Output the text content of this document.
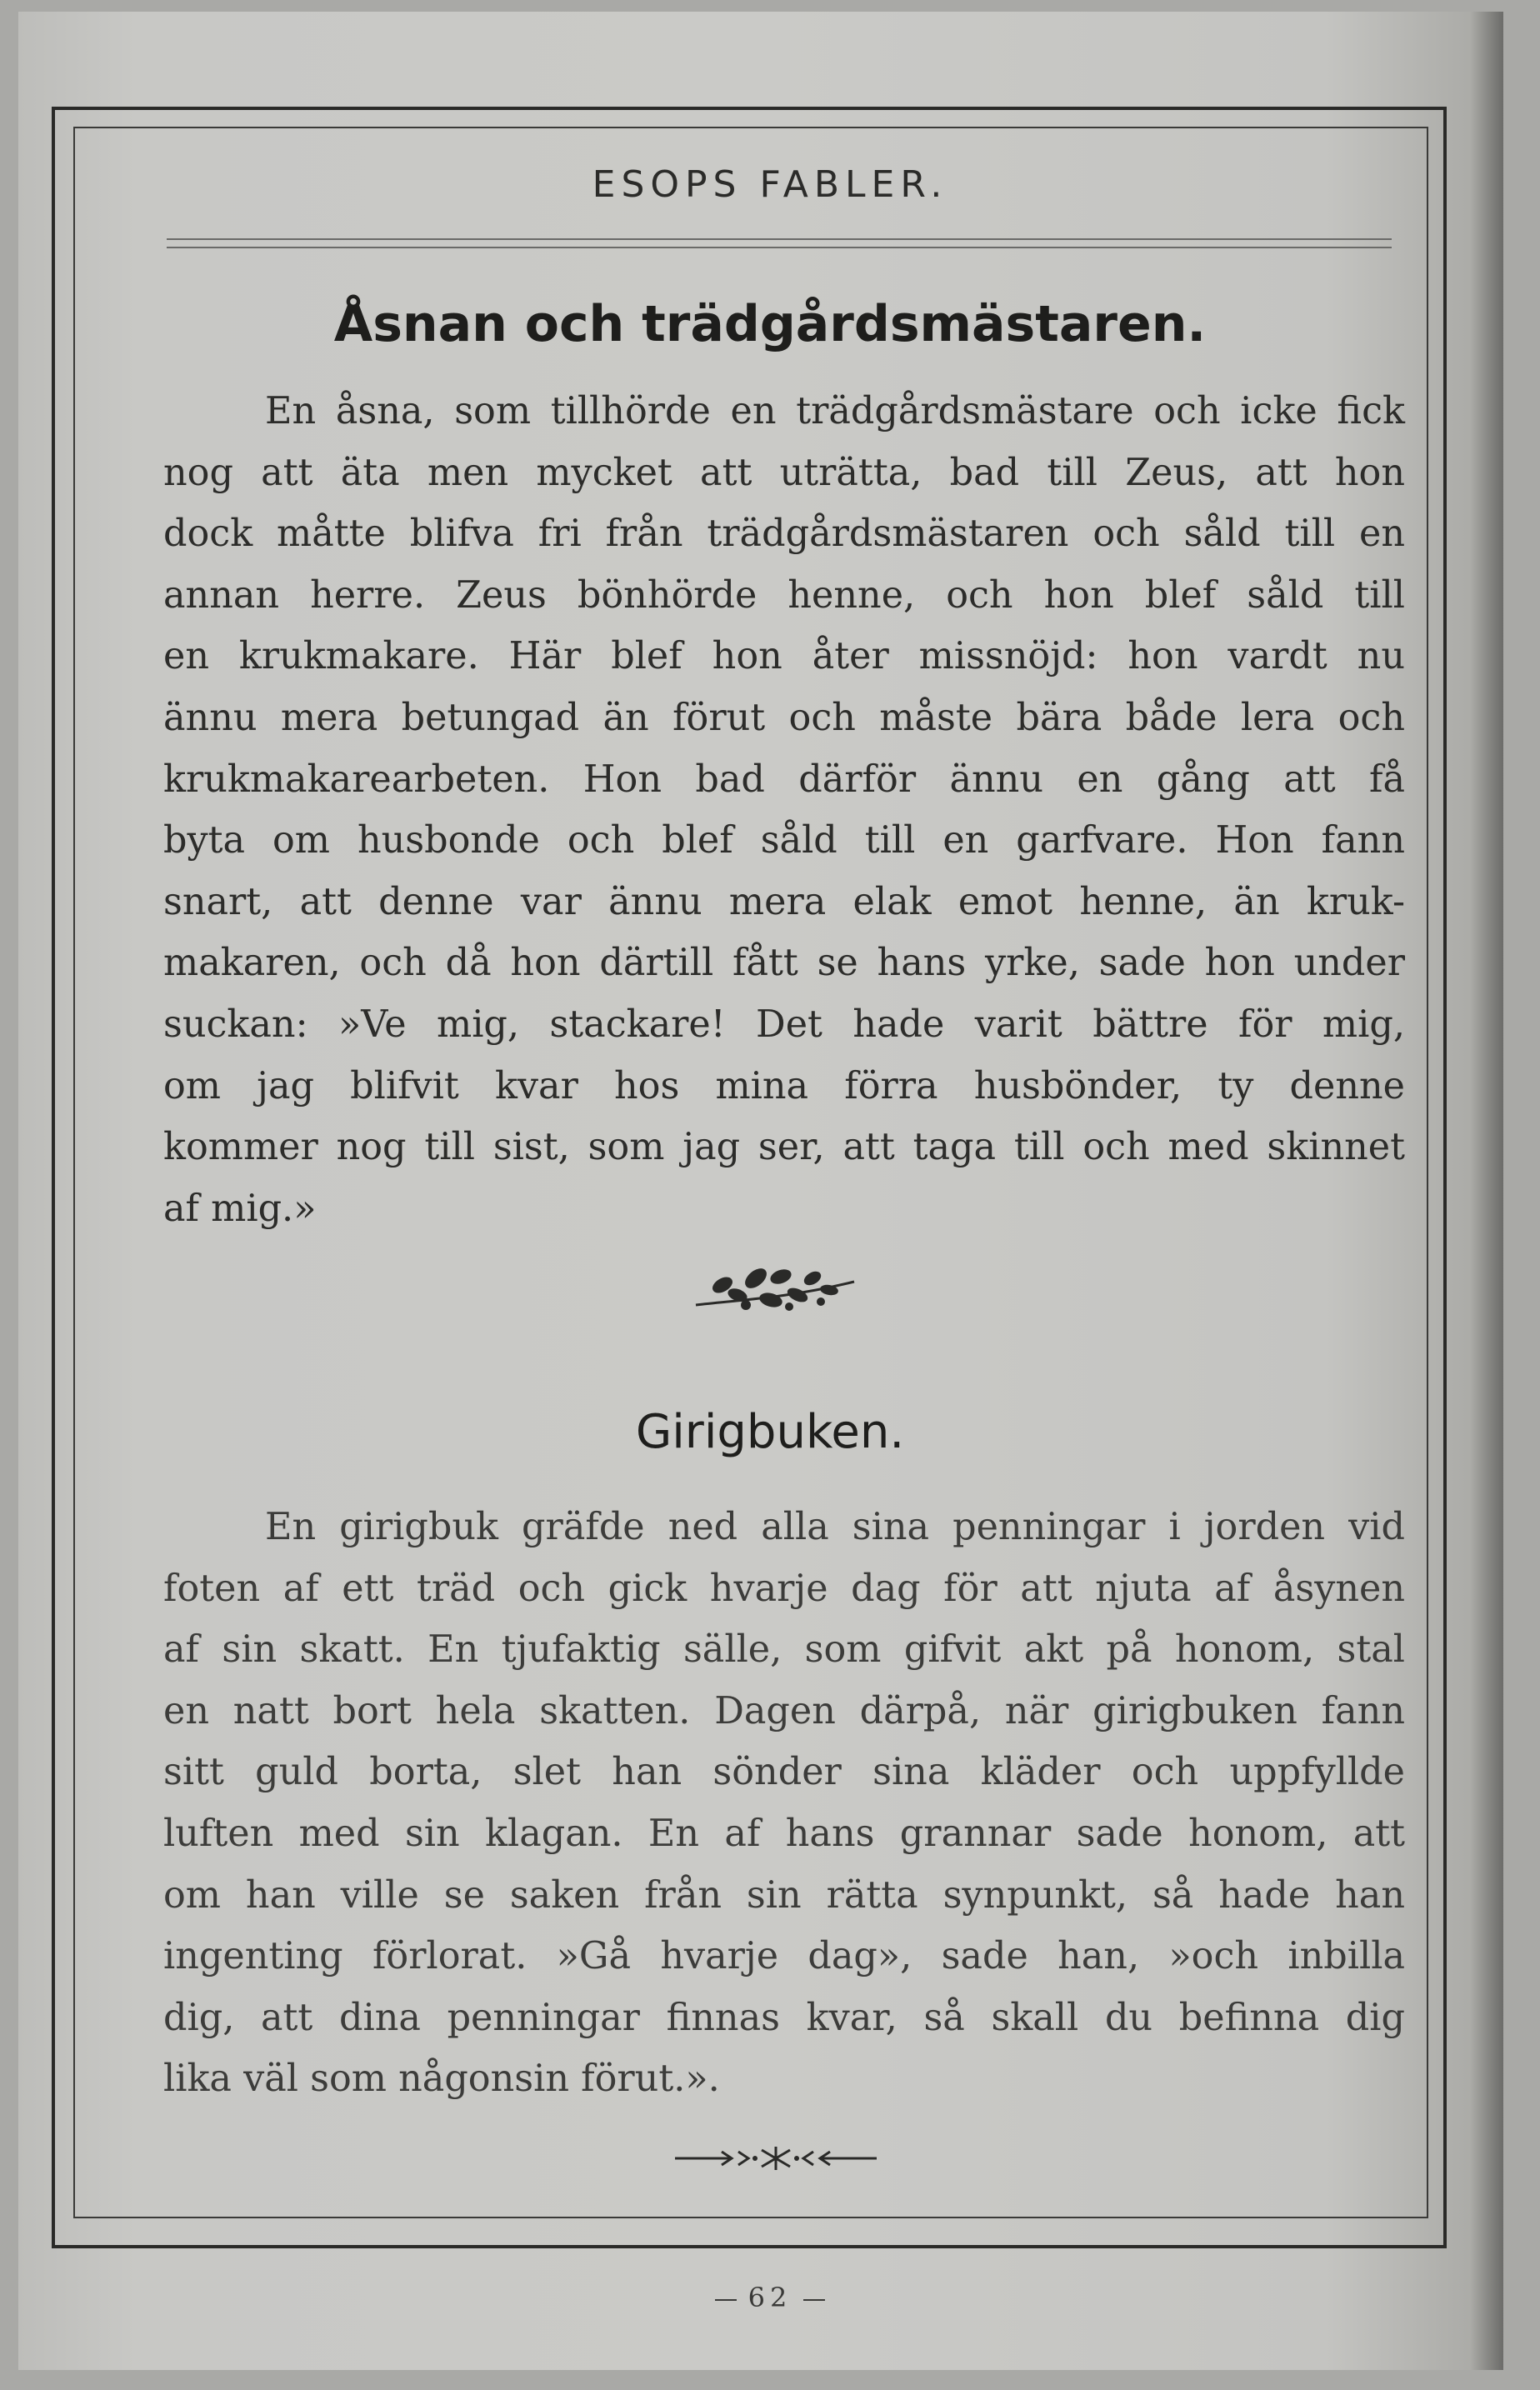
ESOPS FABLER.
Åsnan och trädgårdsmästaren.
En åsna, som tillhörde en trädgårdsmästare och icke fick
nog att äta men mycket att uträtta, bad till Zeus, att hon
dock måtte blifva fri från trädgårdsmästaren och såld till en
annan herre. Zeus bönhörde henne, och hon blef såld till
en krukmakare. Här blef hon åter missnöjd: hon vardt nu
ännu mera betungad än förut och måste bära både lera och
krukmakarearbeten. Hon bad därför ännu en gång att få
byta om husbonde och blef såld till en garfvare. Hon fann
snart, att denne var ännu mera elak emot henne, än kruk-
makaren, och då hon därtill fått se hans yrke, sade hon under
suckan: »Ve mig, stackare! Det hade varit bättre för mig,
om jag blifvit kvar hos mina förra husbönder, ty denne
kommer nog till sist, som jag ser, att taga till och med skinnet
af mig.»
Girigbuken.
En girigbuk gräfde ned alla sina penningar i jorden vid
foten af ett träd och gick hvarje dag för att njuta af åsynen
af sin skatt. En tjufaktig sälle, som gifvit akt på honom, stal
en natt bort hela skatten. Dagen därpå, när girigbuken fann
sitt guld borta, slet han sönder sina kläder och uppfyllde
luften med sin klagan. En af hans grannar sade honom, att
om han ville se saken från sin rätta synpunkt, så hade han
ingenting förlorat. »Gå hvarje dag», sade han, »och inbilla
dig, att dina penningar finnas kvar, så skall du befinna dig
lika väl som någonsin förut.».
62
